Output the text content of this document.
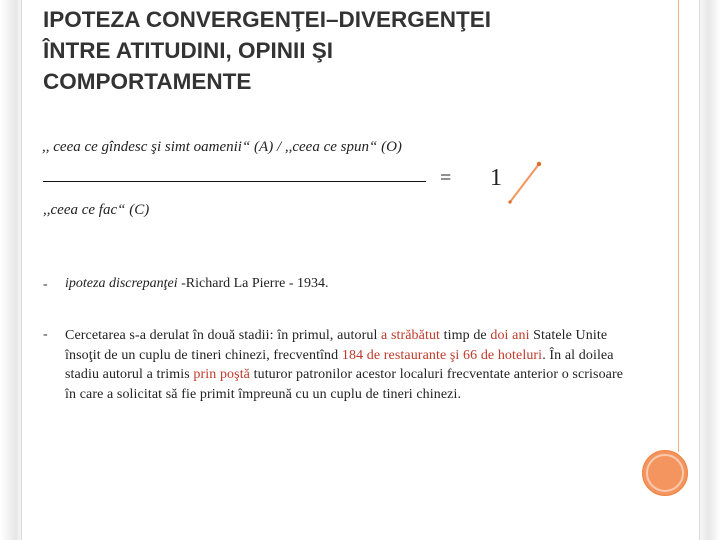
IPOTEZA CONVERGENŢEI–DIVERGENŢEI
ÎNTRE ATITUDINI, OPINII ŞI
COMPORTAMENTE
,, ceea ce gîndesc şi simt oamenii“ (A) / ,,ceea ce spun“ (O)
= 1
,,ceea ce fac“ (C)
- ipoteza discrepanţei -Richard La Pierre - 1934.
- Cercetarea s-a derulat în două stadii: în primul, autorul a străbătut timp de doi ani Statele Unite însoţit de un cuplu de tineri chinezi, frecventînd 184 de restaurante şi 66 de hoteluri. În al doilea stadiu autorul a trimis prin poştă tuturor patronilor acestor localuri frecventate anterior o scrisoare în care a solicitat să fie primit împreună cu un cuplu de tineri chinezi.
